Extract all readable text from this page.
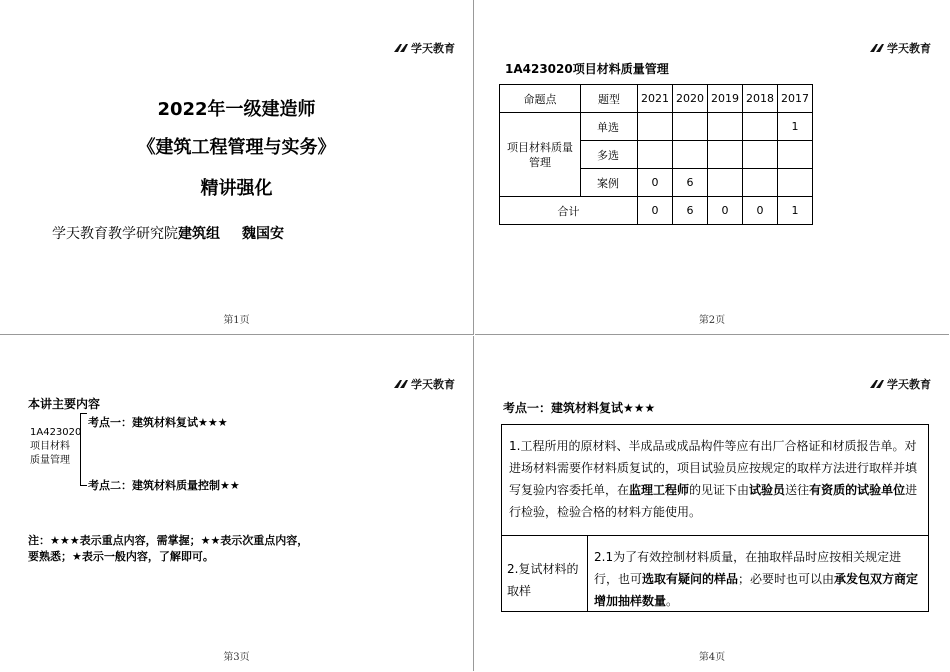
学天教育
2022年一级建造师
《建筑工程管理与实务》
精讲强化
学天教育教学研究院建筑组 魏国安
第1页
学天教育
1A423020项目材料质量管理
命题点	题型	2021	2020	2019	2018	2017
项目材料质量管理	单选					1
	多选					
	案例	0	6			
合计		0	6	0	0	1
第2页
学天教育
本讲主要内容
1A423020
项目材料
质量管理
考点一：建筑材料复试★★★
考点二：建筑材料质量控制★★
注：★★★表示重点内容，需掌握；★★表示次重点内容，
要熟悉；★表示一般内容，了解即可。
第3页
学天教育
考点一：建筑材料复试★★★
1.工程所用的原材料、半成品或成品构件等应有出厂合格证和材质报告单。对进场材料需要作材料质复试的，项目试验员应按规定的取样方法进行取样并填写复验内容委托单，在监理工程师的见证下由试验员送往有资质的试验单位进行检验，检验合格的材料方能使用。
2.复试材料的取样
2.1为了有效控制材料质量，在抽取样品时应按相关规定进行，也可选取有疑问的样品；必要时也可以由承发包双方商定增加抽样数量。
第4页
